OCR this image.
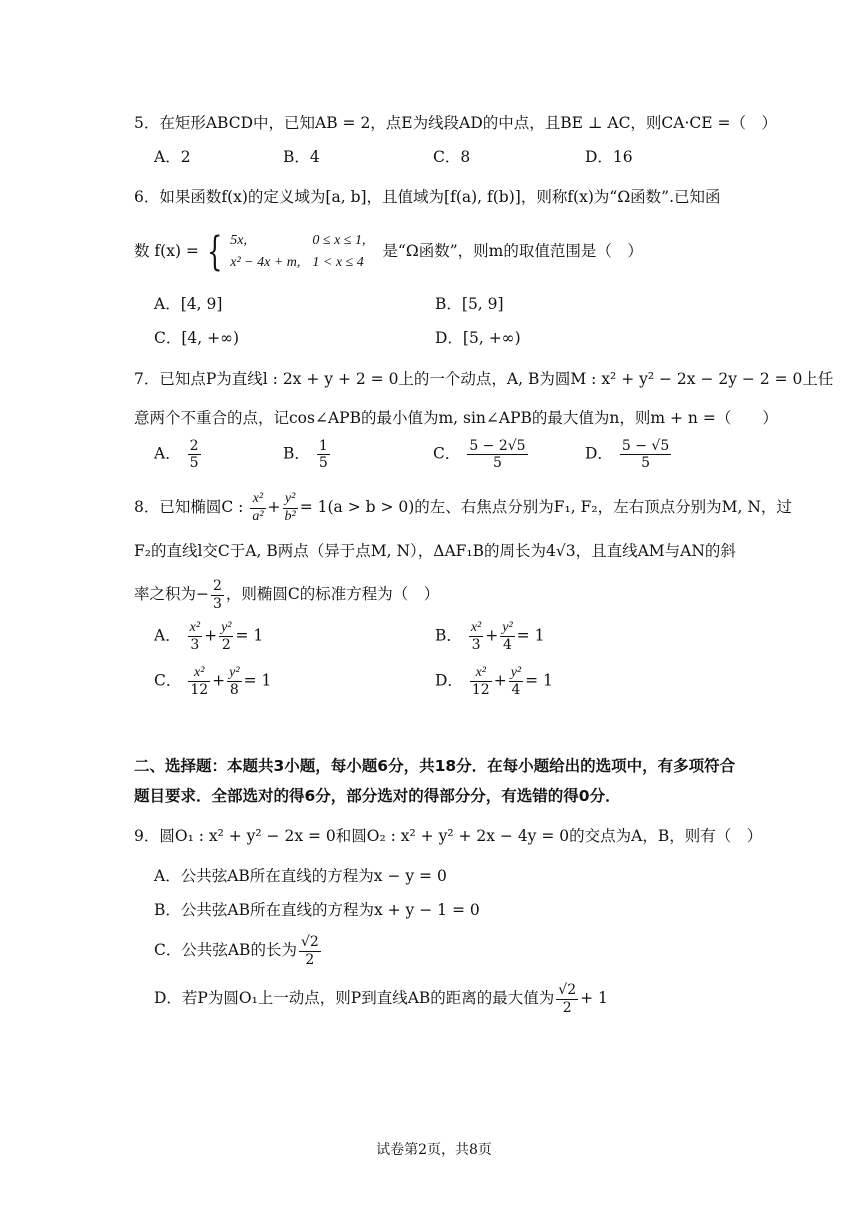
5．在矩形ABCD中，已知AB = 2，点E为线段AD的中点，且BE ⊥ AC，则CA·CE =（　）
A．2	B．4	C．8	D．16
6．如果函数f(x)的定义域为[a, b]，且值域为[f(a), f(b)]，则称f(x)为“Ω函数”.已知函
数 f(x) = { 5x,	0 ≤ x ≤ 1,
x² − 4x + m,	1 < x ≤ 4 是“Ω函数”，则m的取值范围是（　）
A．[4, 9]	B．[5, 9]
C．[4, +∞)	D．[5, +∞)
7．已知点P为直线l : 2x + y + 2 = 0上的一个动点，A, B为圆M : x² + y² − 2x − 2y − 2 = 0上任
意两个不重合的点，记cos∠APB的最小值为m, sin∠APB的最大值为n，则m + n =（　　）
A． $\frac{2}{5}$	B． $\frac{1}{5}$	C． $\frac{5 - 2√5}{5}$	D． $\frac{5 - √5}{5}$
8．已知椭圆C : $\frac{\text{x²}}{\text{a²}} + \frac{\text{y²}}{\text{b²}} = 1(a > b > 0)$的左、右焦点分别为F₁, F₂，左右顶点分别为M, N，过
F₂的直线l交C于A, B两点（异于点M, N），ΔAF₁B的周长为4√3，且直线AM与AN的斜
率之积为− $\frac{2}{3}$ ，则椭圆C的标准方程为（　）
A． $\frac{\text{x²}}{3} + \frac{\text{y²}}{2} = 1$	B． $\frac{\text{x²}}{3} + \frac{\text{y²}}{4} = 1$
C． $\frac{\text{x²}}{12} + \frac{\text{y²}}{8} = 1$	D． $\frac{\text{x²}}{12} + \frac{\text{y²}}{4} = 1$
二、选择题：本题共3小题，每小题6分，共18分．在每小题给出的选项中，有多项符合
题目要求．全部选对的得6分，部分选对的得部分分，有选错的得0分．
9．圆O₁ : x² + y² − 2x = 0和圆O₂ : x² + y² + 2x − 4y = 0的交点为A，B，则有（　）
A．公共弦AB所在直线的方程为x − y = 0
B．公共弦AB所在直线的方程为x + y − 1 = 0
C．公共弦AB的长为 $\frac{√2}{2}$
D．若P为圆O₁上一动点，则P到直线AB的距离的最大值为 $\frac{√2}{2} + 1$
试卷第2页，共8页
